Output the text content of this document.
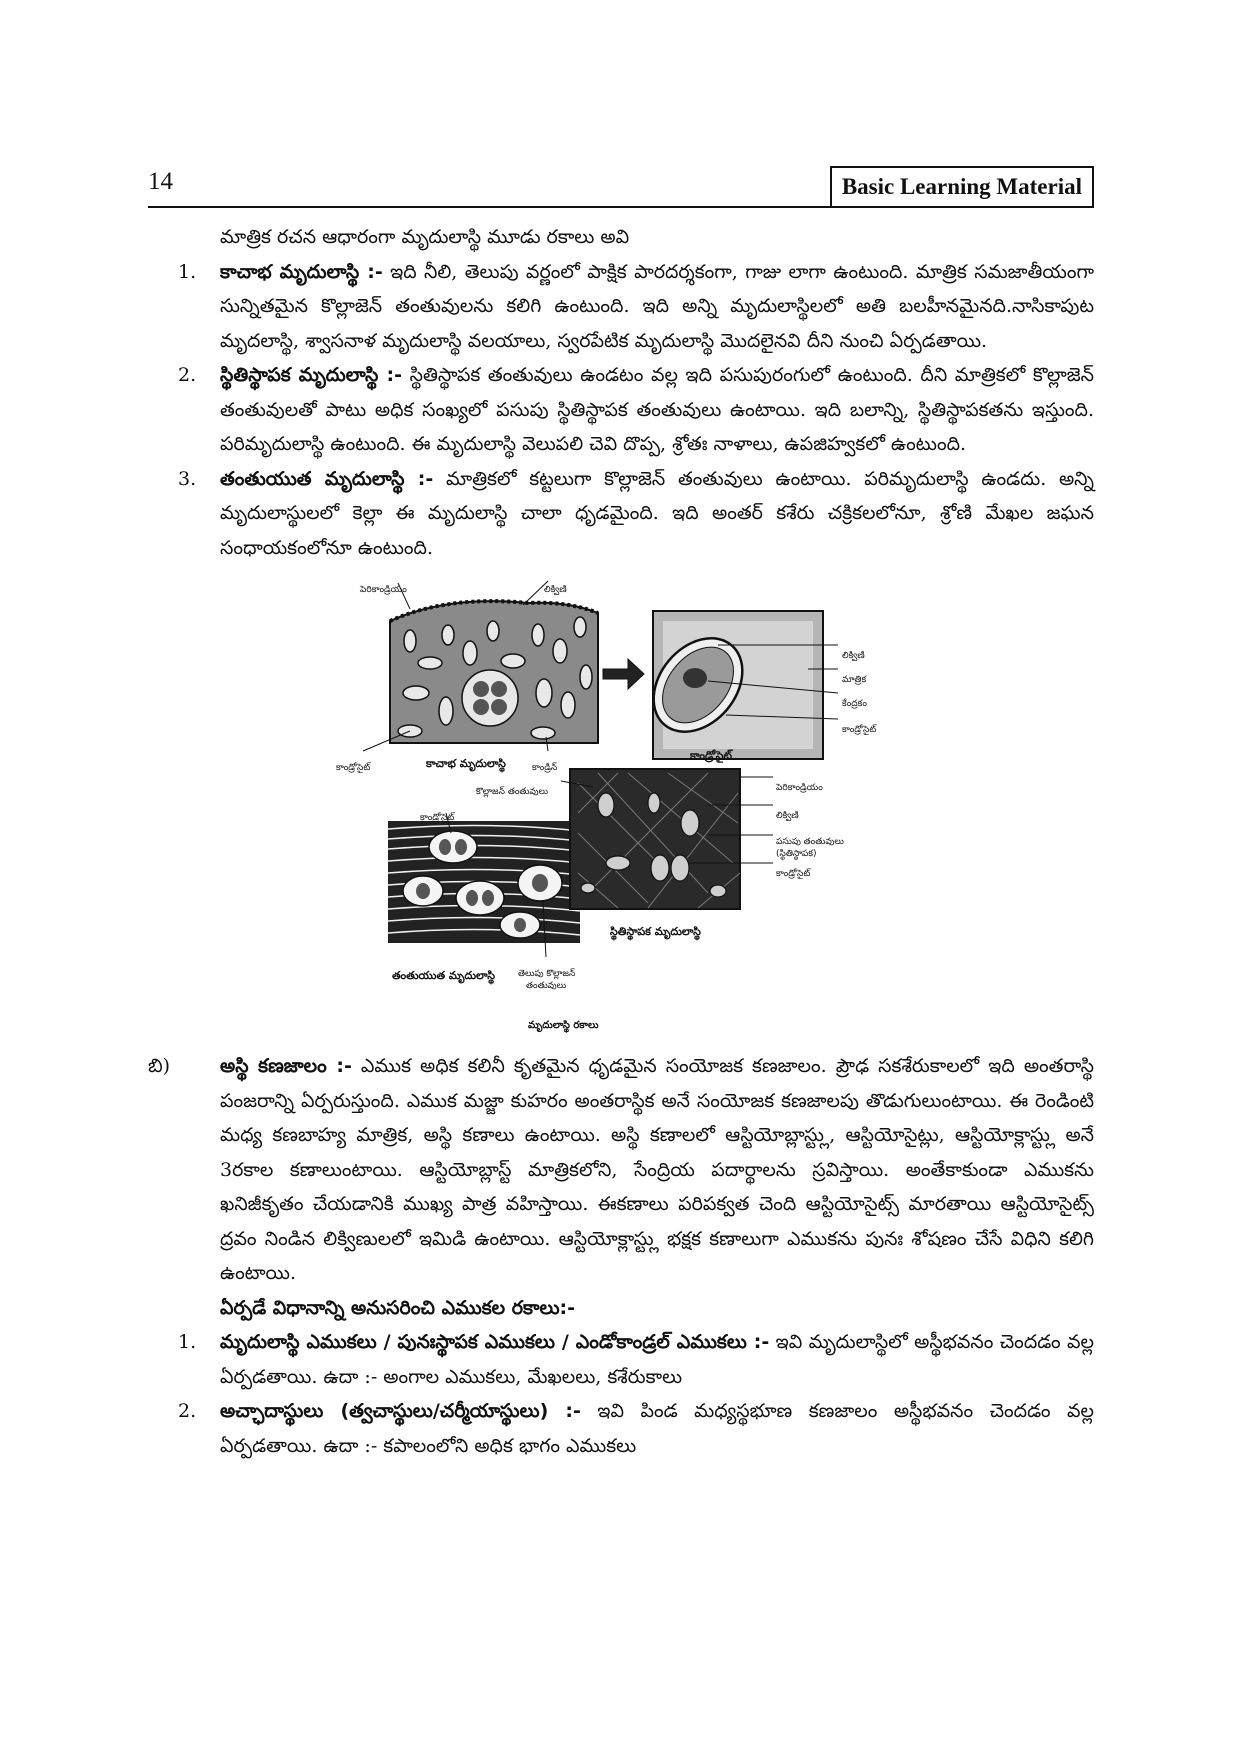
14	Basic Learning Material
మాత్రిక రచన ఆధారంగా మృదులాస్థి మూడు రకాలు అవి
1.	కాచాభ మృదులాస్థి :- ఇది నీలి, తెలుపు వర్ణంలో పాక్షిక పారదర్శకంగా, గాజు లాగా ఉంటుంది. మాత్రిక సమజాతీయంగా సున్నితమైన కొల్లాజెన్ తంతువులను కలిగి ఉంటుంది. ఇది అన్ని మృదులాస్థిలలో అతి బలహీనమైనది.నాసికాపుట మృదలాస్థి, శ్వాసనాళ మృదులాస్థి వలయాలు, స్వరపేటిక మృదులాస్థి మొదలైనవి దీని నుంచి ఏర్పడతాయి.
2.	స్థితిస్థాపక మృదులాస్థి :- స్థితిస్థాపక తంతువులు ఉండటం వల్ల ఇది పసుపురంగులో ఉంటుంది. దీని మాత్రికలో కొల్లాజెన్ తంతువులతో పాటు అధిక సంఖ్యలో పసుపు స్థితిస్థాపక తంతువులు ఉంటాయి. ఇది బలాన్ని, స్థితిస్థాపకతను ఇస్తుంది. పరిమృదులాస్థి ఉంటుంది. ఈ మృదులాస్థి వెలుపలి చెవి దొప్ప, శ్రోతః నాళాలు, ఉపజిహ్వకలో ఉంటుంది.
3.	తంతుయుత మృదులాస్థి :- మాత్రికలో కట్టలుగా కొల్లాజెన్ తంతువులు ఉంటాయి. పరిమృదులాస్థి ఉండదు. అన్ని మృదులాస్థులలో కెల్లా ఈ మృదులాస్థి చాలా ధృడమైంది. ఇది అంతర్ కశేరు చక్రికలలోనూ, శ్రోణి మేఖల జఘన సంధాయకంలోనూ ఉంటుంది.
పెరికాండ్రియం	లిక్విణి
కాండ్రోసైట్	కాండ్రిన్
కాచాభ మృదులాస్థి
లిక్విణి
మాత్రిక
కేంద్రకం
కాండ్రోసైట్
కాండ్రోసైట్
కాండ్రోసైట్
తెలుపు కొల్లాజన్
తంతువులు
తంతుయుత మృదులాస్థి
కొల్లాజన్ తంతువులు	పెరికాండ్రియం
లిక్విణి
పసుపు తంతువులు
(స్థితిస్థాపక)
కాండ్రోసైట్
స్థితిస్థాపక మృదులాస్థి
మృదులాస్థి రకాలు
బి)	అస్థి కణజాలం :- ఎముక అధిక కలినీ కృతమైన ధృడమైన సంయోజక కణజాలం. ప్రౌఢ సకశేరుకాలలో ఇది అంతరాస్థి పంజరాన్ని ఏర్పరుస్తుంది. ఎముక మజ్జా కుహరం అంతరాస్థిక అనే సంయోజక కణజాలపు తొడుగులుంటాయి. ఈ రెండింటి మధ్య కణబాహ్య మాత్రిక, అస్థి కణాలు ఉంటాయి. అస్థి కణాలలో ఆస్టియోబ్లాస్ట్లు, ఆస్టియోసైట్లు, ఆస్టియోక్లాస్ట్లు అనే 3రకాల కణాలుంటాయి. ఆస్టియోబ్లాస్ట్ మాత్రికలోని, సేంద్రియ పదార్థాలను స్రవిస్తాయి. అంతేకాకుండా ఎముకను ఖనిజీకృతం చేయడానికి ముఖ్య పాత్ర వహిస్తాయి. ఈకణాలు పరిపక్వత చెంది ఆస్టియోసైట్స్ మారతాయి ఆస్టియోసైట్స్ ద్రవం నిండిన లిక్విణులలో ఇమిడి ఉంటాయి. ఆస్టియోక్లాస్ట్లు భక్షక కణాలుగా ఎముకను పునః శోషణం చేసే విధిని కలిగి ఉంటాయి.
ఏర్పడే విధానాన్ని అనుసరించి ఎముకల రకాలు:-
1.	మృదులాస్థి ఎముకలు / పునఃస్థాపక ఎముకలు / ఎండోకాండ్రల్ ఎముకలు :- ఇవి మృదులాస్థిలో అస్థీభవనం చెందడం వల్ల ఏర్పడతాయి. ఉదా :- అంగాల ఎముకలు, మేఖలలు, కశేరుకాలు
2.	అచ్ఛాదాస్థులు (త్వచాస్థులు/చర్మీయాస్థులు) :- ఇవి పిండ మధ్యస్థభూణ కణజాలం అస్థీభవనం చెందడం వల్ల ఏర్పడతాయి. ఉదా :- కపాలంలోని అధిక భాగం ఎముకలు
